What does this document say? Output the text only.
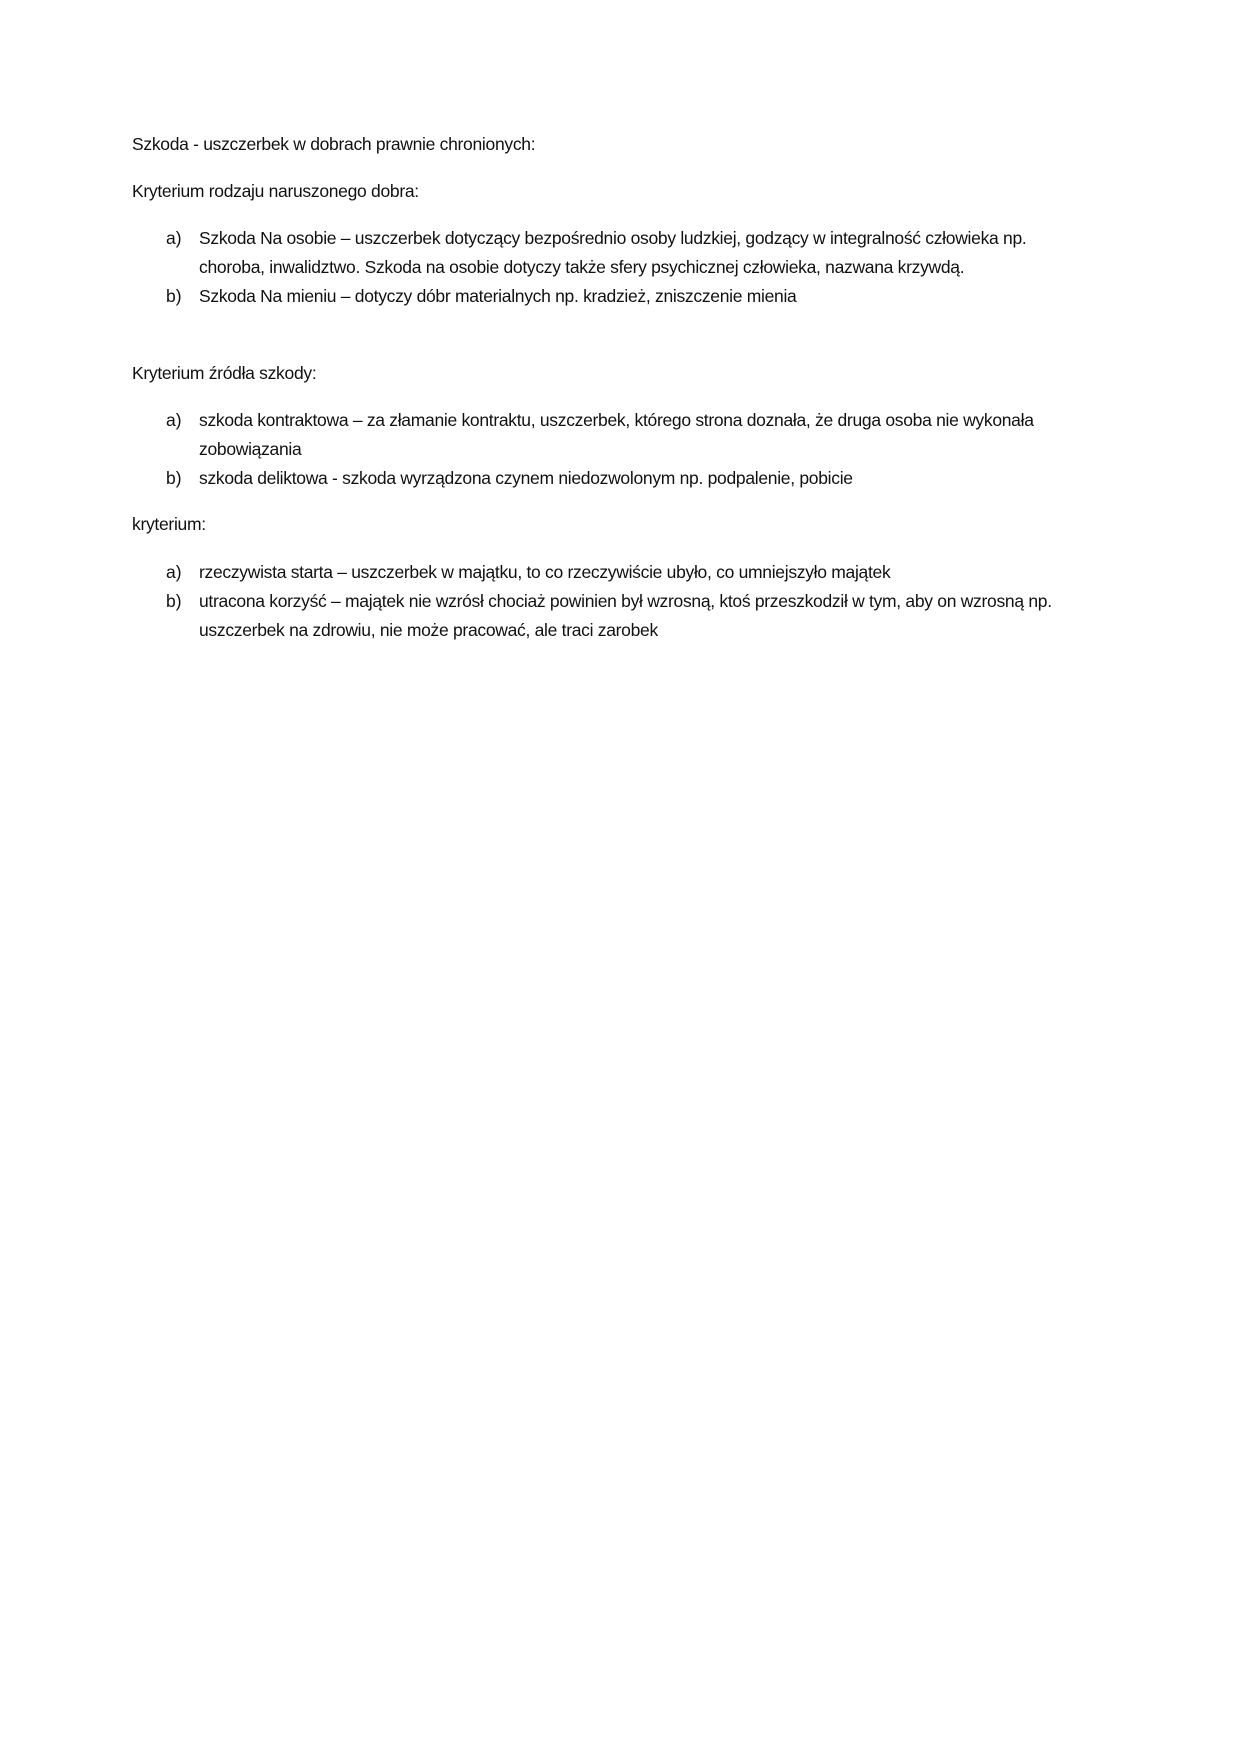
Szkoda - uszczerbek w dobrach prawnie chronionych:

Kryterium rodzaju naruszonego dobra:

a) Szkoda Na osobie – uszczerbek dotyczący bezpośrednio osoby ludzkiej, godzący w integralność człowieka np. choroba, inwalidztwo. Szkoda na osobie dotyczy także sfery psychicznej człowieka, nazwana krzywdą.
b) Szkoda Na mieniu – dotyczy dóbr materialnych np. kradzież, zniszczenie mienia

Kryterium źródła szkody:

a) szkoda kontraktowa – za złamanie kontraktu, uszczerbek, którego strona doznała, że druga osoba nie wykonała zobowiązania
b) szkoda deliktowa - szkoda wyrządzona czynem niedozwolonym np. podpalenie, pobicie

kryterium:

a) rzeczywista starta – uszczerbek w majątku, to co rzeczywiście ubyło, co umniejszyło majątek
b) utracona korzyść – majątek nie wzrósł chociaż powinien był wzrosną, ktoś przeszkodził w tym, aby on wzrosną np. uszczerbek na zdrowiu, nie może pracować, ale traci zarobek
